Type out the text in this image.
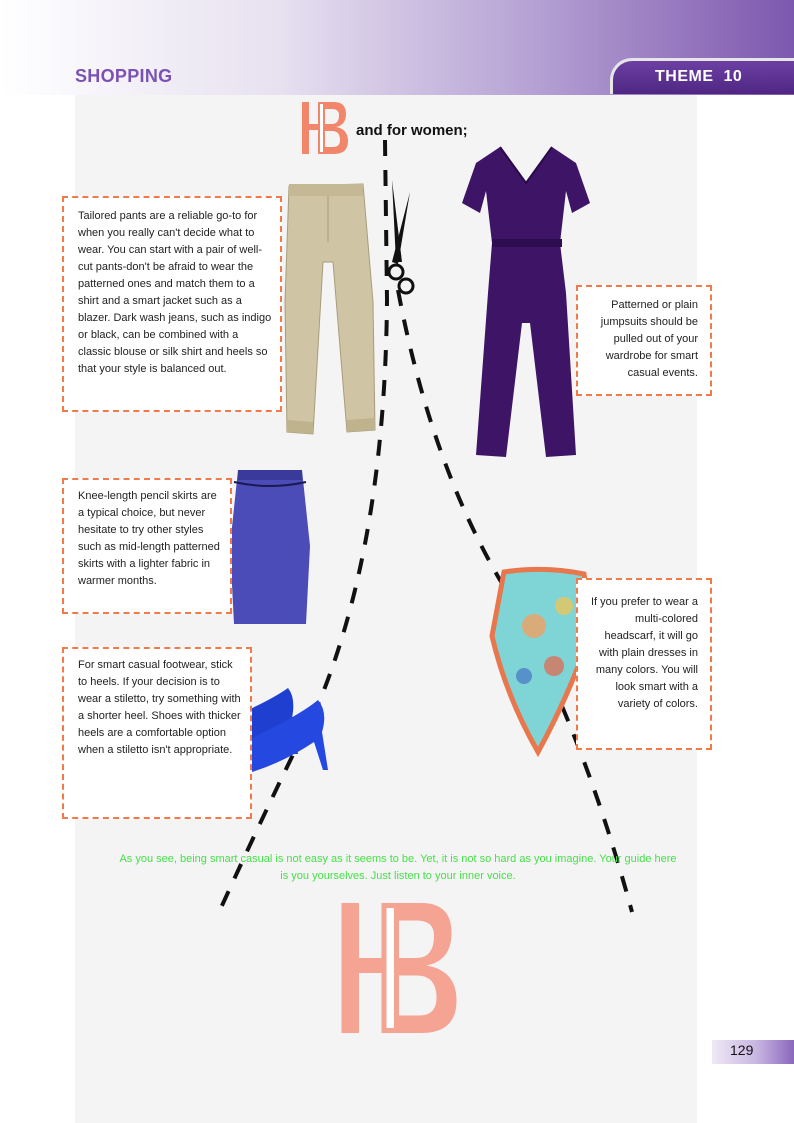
SHOPPING	THEME 10
and for women;
Tailored pants are a reliable go-to for when you really can't decide what to wear. You can start with a pair of well-cut pants-don't be afraid to wear the patterned ones and match them to a shirt and a smart jacket such as a blazer. Dark wash jeans, such as indigo or black, can be combined with a classic blouse or silk shirt and heels so that your style is balanced out.
Patterned or plain jumpsuits should be pulled out of your wardrobe for smart casual events.
Knee-length pencil skirts are a typical choice, but never hesitate to try other styles such as mid-length patterned skirts with a lighter fabric in warmer months.
For smart casual footwear, stick to heels. If your decision is to wear a stiletto, try something with a shorter heel. Shoes with thicker heels are a comfortable option when a stiletto isn't appropriate.
If you prefer to wear a multi-colored headscarf, it will go with plain dresses in many colors. You will look smart with a variety of colors.
As you see, being smart casual is not easy as it seems to be. Yet, it is not so hard as you imagine. Your guide here is you yourselves. Just listen to your inner voice.
129
